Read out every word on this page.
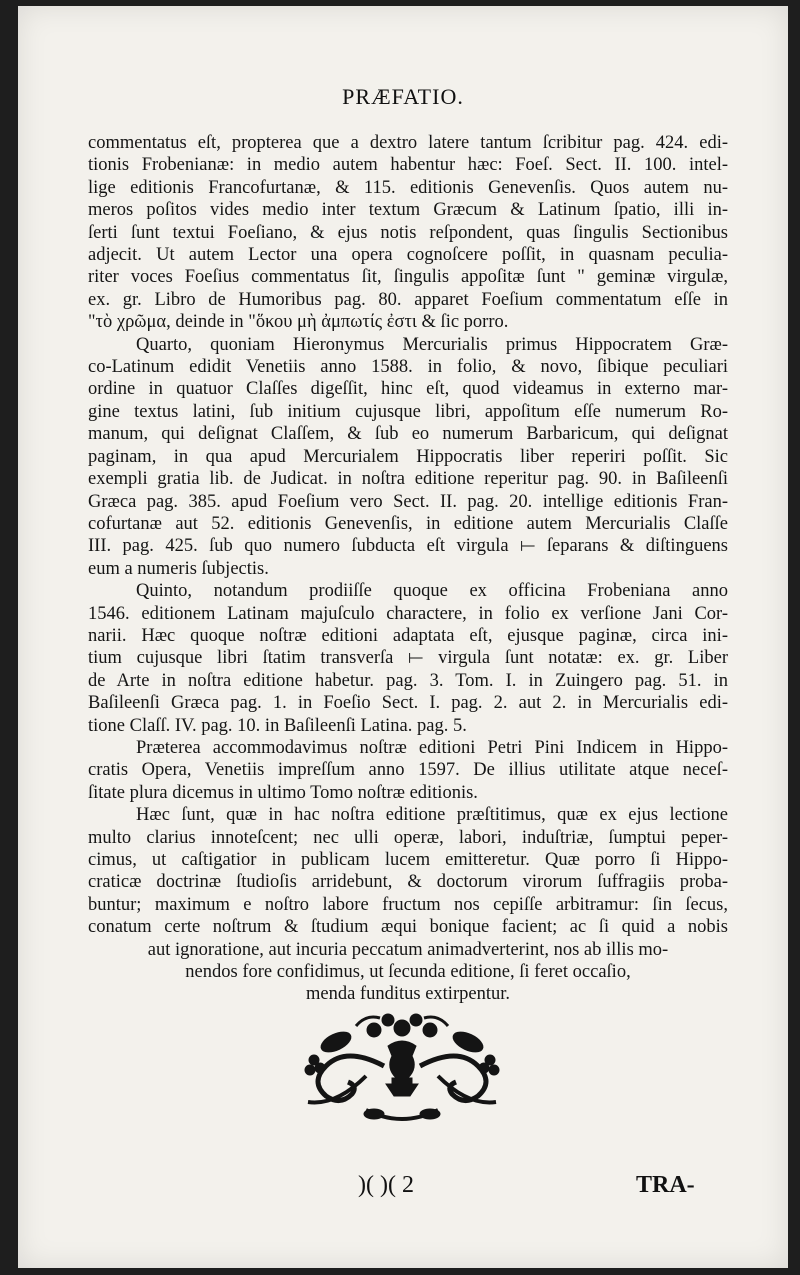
PRÆFATIO.

commentatus eſt, propterea que a dextro latere tantum ſcribitur pag. 424. edi-

tionis Frobenianæ: in medio autem habentur hæc: Foeſ. Sect. II. 100. intel-

lige editionis Francofurtanæ, & 115. editionis Genevenſis. Quos autem nu-

meros poſitos vides medio inter textum Græcum & Latinum ſpatio, illi in-

ſerti ſunt textui Foeſiano, & ejus notis reſpondent, quas ſingulis Sectionibus

adjecit. Ut autem Lector una opera cognoſcere poſſit, in quasnam peculia-

riter voces Foeſius commentatus ſit, ſingulis appoſitæ ſunt " geminæ virgulæ,

ex. gr. Libro de Humoribus pag. 80. apparet Foeſium commentatum eſſe in

"τὸ χρῶμα, deinde in "ὅκου μὴ ἀμπωτίς ἐστι & ſic porro.

Quarto, quoniam Hieronymus Mercurialis primus Hippocratem Græ-

co-Latinum edidit Venetiis anno 1588. in folio, & novo, ſibique peculiari

ordine in quatuor Claſſes digeſſit, hinc eſt, quod videamus in externo mar-

gine textus latini, ſub initium cujusque libri, appoſitum eſſe numerum Ro-

manum, qui deſignat Claſſem, & ſub eo numerum Barbaricum, qui deſignat

paginam, in qua apud Mercurialem Hippocratis liber reperiri poſſit. Sic

exempli gratia lib. de Judicat. in noſtra editione reperitur pag. 90. in Baſileenſi

Græca pag. 385. apud Foeſium vero Sect. II. pag. 20. intellige editionis Fran-

cofurtanæ aut 52. editionis Genevenſis, in editione autem Mercurialis Claſſe

III. pag. 425. ſub quo numero ſubducta eſt virgula ⟝ ſeparans & diſtinguens

eum a numeris ſubjectis.

Quinto, notandum prodiiſſe quoque ex officina Frobeniana anno

1546. editionem Latinam majuſculo charactere, in folio ex verſione Jani Cor-

narii. Hæc quoque noſtræ editioni adaptata eſt, ejusque paginæ, circa ini-

tium cujusque libri ſtatim transverſa ⟝ virgula ſunt notatæ: ex. gr. Liber

de Arte in noſtra editione habetur. pag. 3. Tom. I. in Zuingero pag. 51. in

Baſileenſi Græca pag. 1. in Foeſio Sect. I. pag. 2. aut 2. in Mercurialis edi-

tione Claſſ. IV. pag. 10. in Baſileenſi Latina. pag. 5.

Præterea accommodavimus noſtræ editioni Petri Pini Indicem in Hippo-

cratis Opera, Venetiis impreſſum anno 1597. De illius utilitate atque neceſ-

ſitate plura dicemus in ultimo Tomo noſtræ editionis.

Hæc ſunt, quæ in hac noſtra editione præſtitimus, quæ ex ejus lectione

multo clarius innoteſcent; nec ulli operæ, labori, induſtriæ, ſumptui peper-

cimus, ut caſtigatior in publicam lucem emitteretur. Quæ porro ſi Hippo-

craticæ doctrinæ ſtudioſis arridebunt, & doctorum virorum ſuffragiis proba-

buntur; maximum e noſtro labore fructum nos cepiſſe arbitramur: ſin ſecus,

conatum certe noſtrum & ſtudium æqui bonique facient; ac ſi quid a nobis

aut ignoratione, aut incuria peccatum animadverterint, nos ab illis mo-

nendos fore confidimus, ut ſecunda editione, ſi feret occaſio,

menda funditus extirpentur.

)( )( 2	TRA-
